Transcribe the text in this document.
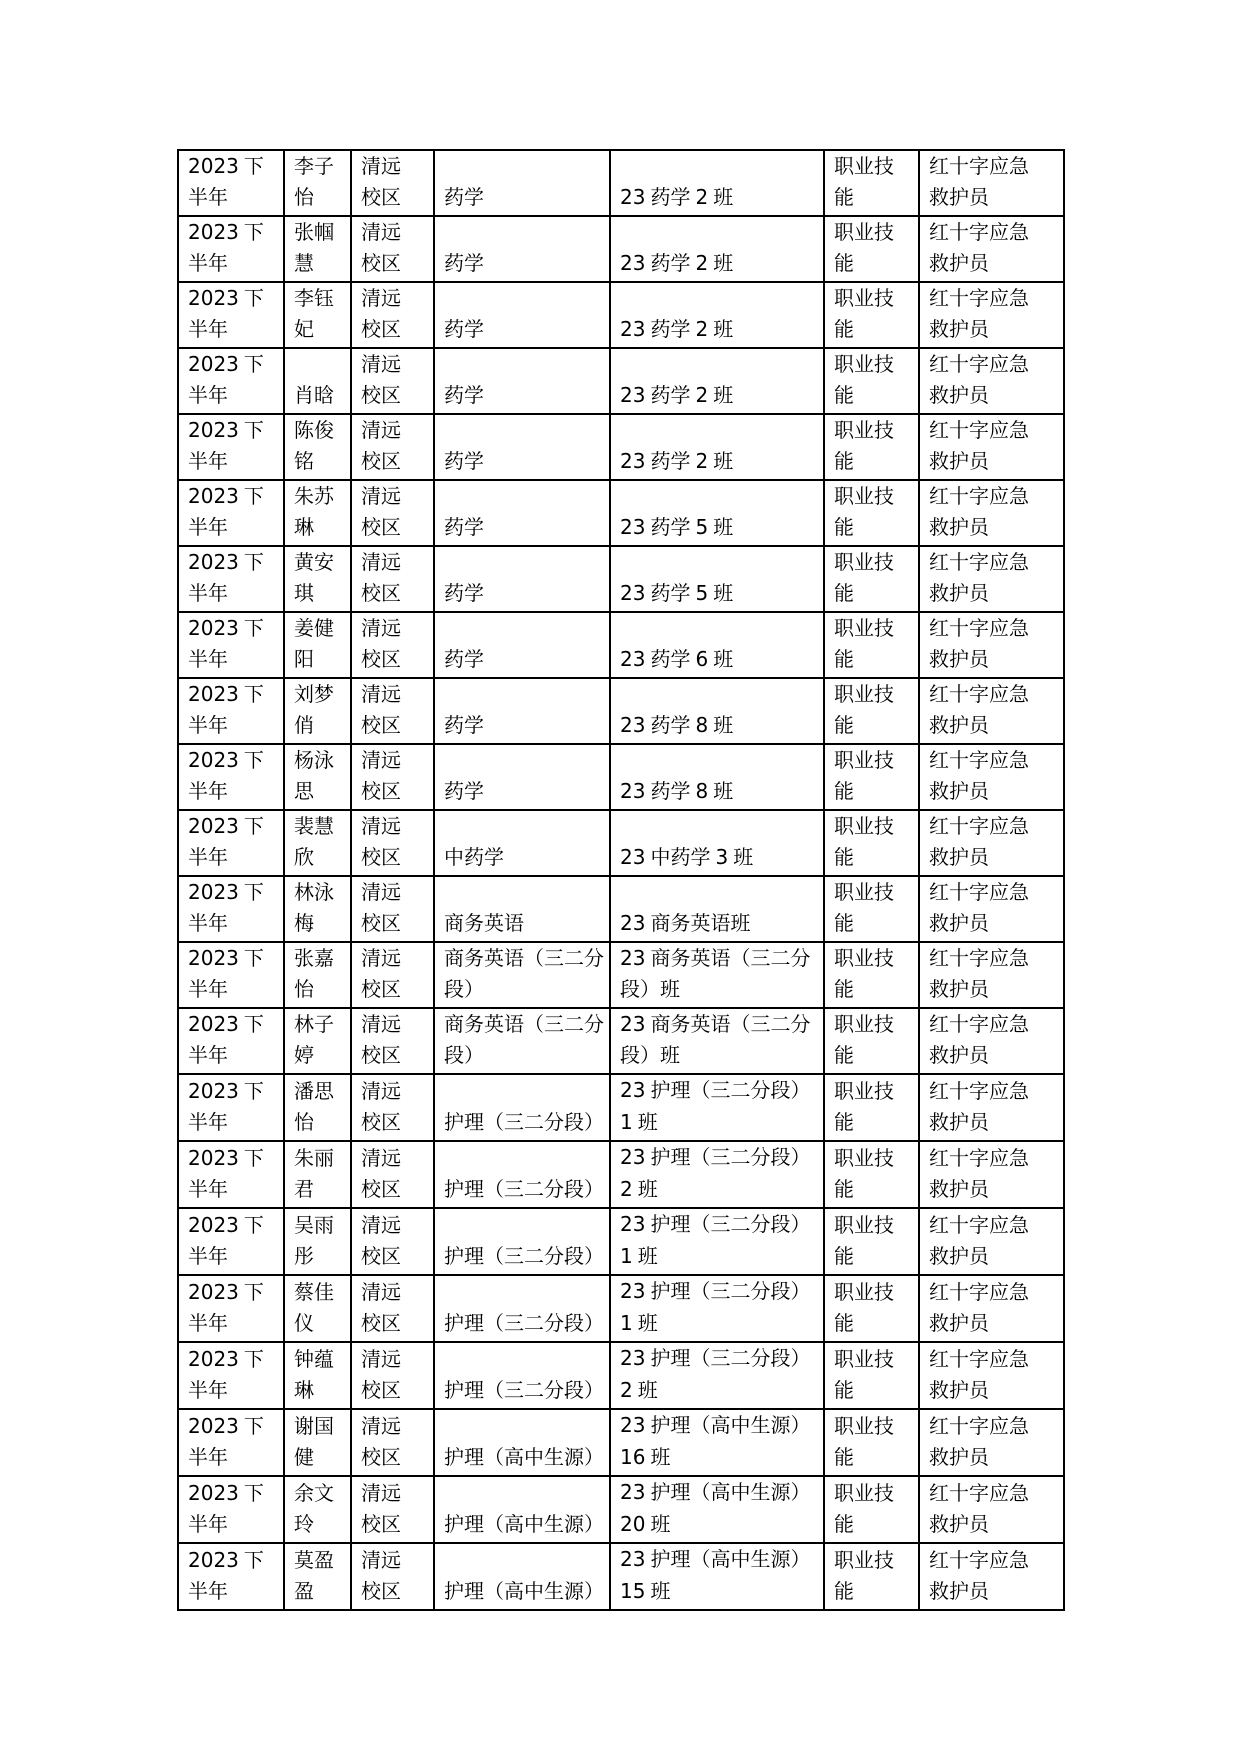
2023 下半年	李子怡	清远校区	药学	23 药学 2 班	职业技能	红十字应急救护员
2023 下半年	张帼慧	清远校区	药学	23 药学 2 班	职业技能	红十字应急救护员
2023 下半年	李钰妃	清远校区	药学	23 药学 2 班	职业技能	红十字应急救护员
2023 下半年	肖晗	清远校区	药学	23 药学 2 班	职业技能	红十字应急救护员
2023 下半年	陈俊铭	清远校区	药学	23 药学 2 班	职业技能	红十字应急救护员
2023 下半年	朱苏琳	清远校区	药学	23 药学 5 班	职业技能	红十字应急救护员
2023 下半年	黄安琪	清远校区	药学	23 药学 5 班	职业技能	红十字应急救护员
2023 下半年	姜健阳	清远校区	药学	23 药学 6 班	职业技能	红十字应急救护员
2023 下半年	刘梦俏	清远校区	药学	23 药学 8 班	职业技能	红十字应急救护员
2023 下半年	杨泳思	清远校区	药学	23 药学 8 班	职业技能	红十字应急救护员
2023 下半年	裴慧欣	清远校区	中药学	23 中药学 3 班	职业技能	红十字应急救护员
2023 下半年	林泳梅	清远校区	商务英语	23 商务英语班	职业技能	红十字应急救护员
2023 下半年	张嘉怡	清远校区	商务英语（三二分段）	23 商务英语（三二分段）班	职业技能	红十字应急救护员
2023 下半年	林子婷	清远校区	商务英语（三二分段）	23 商务英语（三二分段）班	职业技能	红十字应急救护员
2023 下半年	潘思怡	清远校区	护理（三二分段）	23 护理（三二分段）1 班	职业技能	红十字应急救护员
2023 下半年	朱丽君	清远校区	护理（三二分段）	23 护理（三二分段）2 班	职业技能	红十字应急救护员
2023 下半年	吴雨彤	清远校区	护理（三二分段）	23 护理（三二分段）1 班	职业技能	红十字应急救护员
2023 下半年	蔡佳仪	清远校区	护理（三二分段）	23 护理（三二分段）1 班	职业技能	红十字应急救护员
2023 下半年	钟蕴琳	清远校区	护理（三二分段）	23 护理（三二分段）2 班	职业技能	红十字应急救护员
2023 下半年	谢国健	清远校区	护理（高中生源）	23 护理（高中生源）16 班	职业技能	红十字应急救护员
2023 下半年	余文玲	清远校区	护理（高中生源）	23 护理（高中生源）20 班	职业技能	红十字应急救护员
2023 下半年	莫盈盈	清远校区	护理（高中生源）	23 护理（高中生源）15 班	职业技能	红十字应急救护员
